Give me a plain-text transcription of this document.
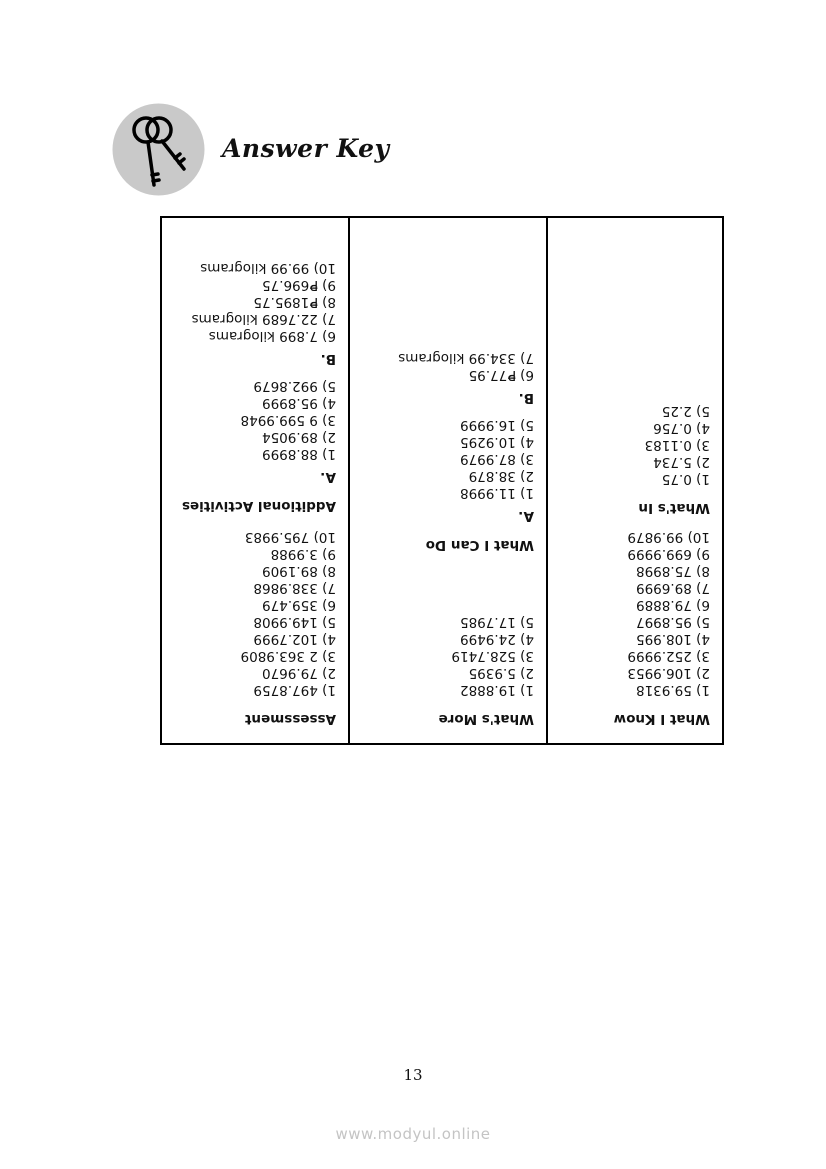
Answer Key
What I Know
1) 59.9318
2) 106.9953
3) 252.9999
4) 108.995
5) 95.8997
6) 79.8889
7) 89.6999
8) 75.8998
9) 699.9999
10) 99.9879
What's In
1) 0.75
2) 5.734
3) 0.1183
4) 0.756
5) 2.25
What's More
1) 19.8882
2) 5.9395
3) 528.7419
4) 24.9499
5) 17.7985
What I Can Do
A.
1) 11.9998
2) 38.879
3) 87.9979
4) 10.9295
5) 16.9999
B.
6) ₱77.95
7) 334.99 kilograms
Assessment
1) 497.8759
2) 79.9670
3) 2 363.9809
4) 102.7999
5) 149.9908
6) 359.479
7) 338.9868
8) 89.1909
9) 3.9988
10) 795.9983
Additional Activities
A.
1) 88.8999
2) 89.9054
3) 9 599.9948
4) 95.8999
5) 992.8679
B.
6) 7.899 kilograms
7) 22.7689 kilograms
8) ₱1895.75
9) ₱696.75
10) 99.99 kilograms
13
www.modyul.online
